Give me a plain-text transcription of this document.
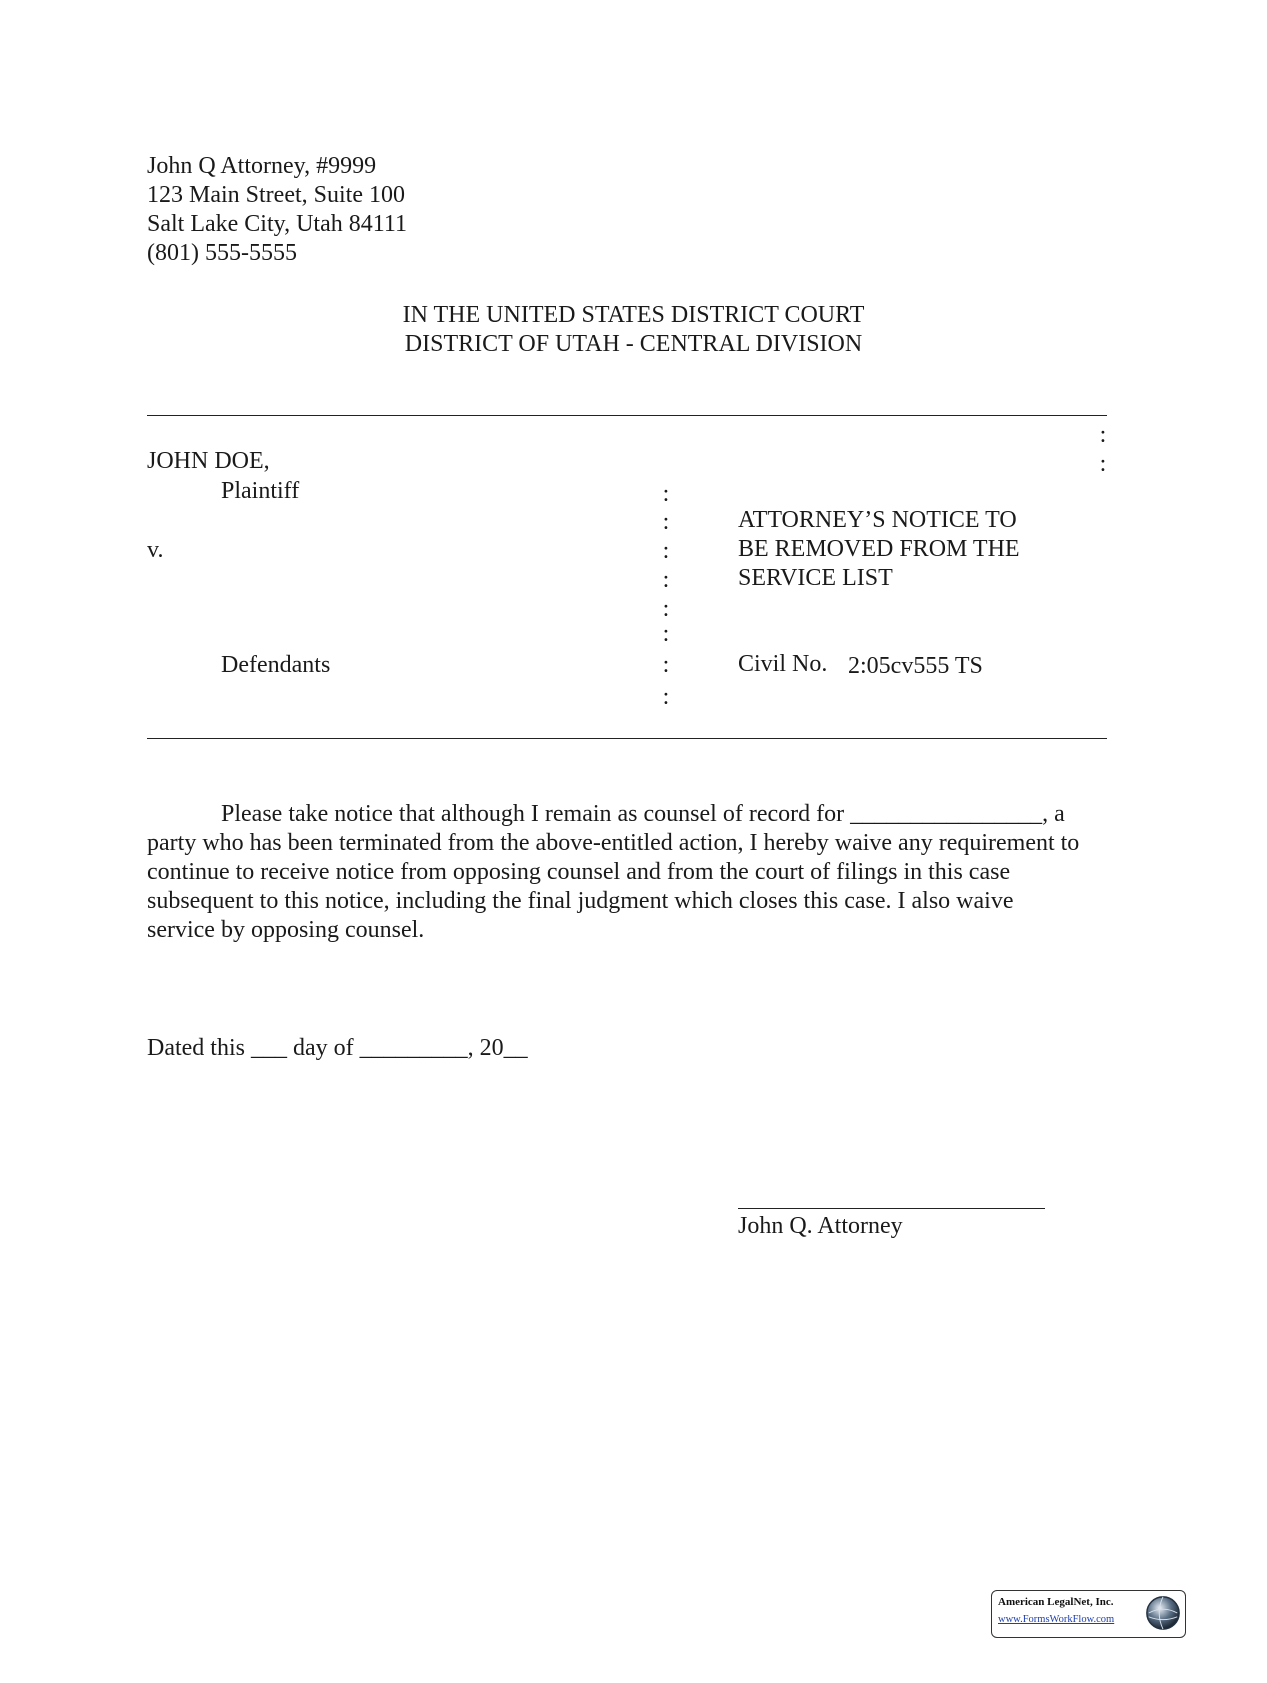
John Q Attorney, #9999
123 Main Street, Suite 100
Salt Lake City, Utah 84111
(801) 555-5555
IN THE UNITED STATES DISTRICT COURT
DISTRICT OF UTAH - CENTRAL DIVISION
:
:
JOHN DOE,
Plaintiff
v.
Defendants
:
:
:
:
:
:
:
:
ATTORNEY’S NOTICE TO
BE REMOVED FROM THE
SERVICE LIST
Civil No. 2:05cv555 TS
Please take notice that although I remain as counsel of record for ________________, a
party who has been terminated from the above-entitled action, I hereby waive any requirement to
continue to receive notice from opposing counsel and from the court of filings in this case
subsequent to this notice, including the final judgment which closes this case. I also waive
service by opposing counsel.
Dated this ___ day of _________, 20__
John Q. Attorney
American LegalNet, Inc.
www.FormsWorkFlow.com
